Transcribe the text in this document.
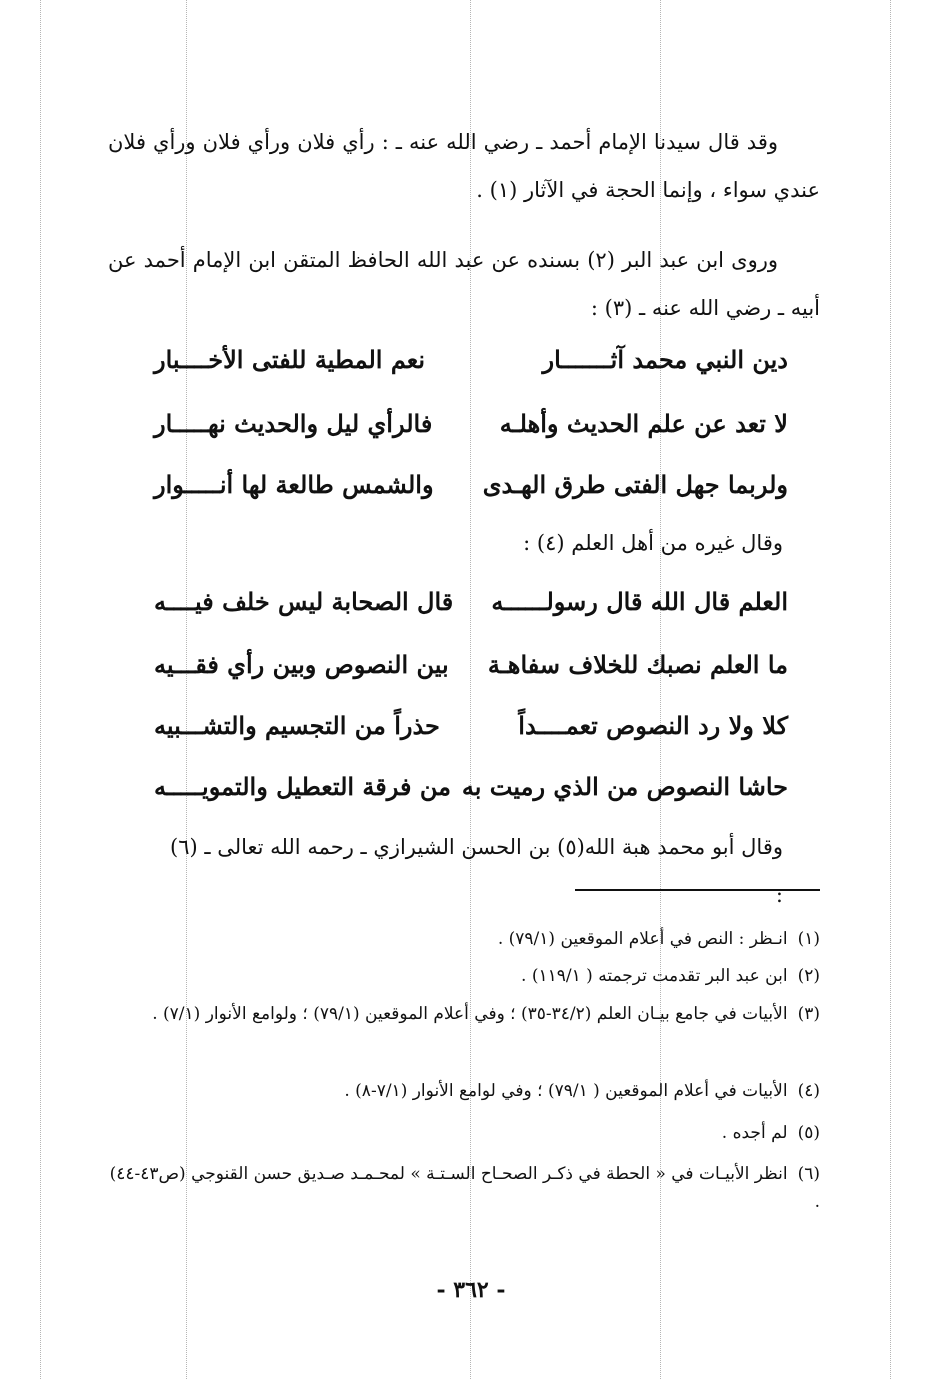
وقد قال سيدنا الإمام أحمد ـ رضي الله عنه ـ : رأي فلان ورأي فلان ورأي فلان عندي سواء ، وإنما الحجة في الآثار (١) .

وروى ابن عبد البر (٢) بسنده عن عبد الله الحافظ المتقن ابن الإمام أحمد عن أبيه ـ رضي الله عنه ـ (٣) :

دين النبي محمد آثـــــــار
نعم المطية للفتى الأخــــبار
لا تعد عن علم الحديث وأهلـه
فالرأي ليل والحديث نهـــــار
ولربما جهل الفتى طرق الهـدى
والشمس طالعة لها أنـــــوار

وقال غيره من أهل العلم (٤) :

العلم قال الله قال رسولــــــه
قال الصحابة ليس خلف فيــــه
ما العلم نصبك للخلاف سفاهـة
بين النصوص وبين رأي فقـــيه
كلا ولا رد النصوص تعمــــداً
حذراً من التجسيم والتشـــبيه
حاشا النصوص من الذي رميت به
من فرقة التعطيل والتمويـــــه

وقال أبو محمد هبة الله(٥) بن الحسن الشيرازي ـ رحمه الله تعالى ـ (٦) :

(١)انـظر : النص في أعلام الموقعين (٧٩/١) .
(٢)ابن عبد البر تقدمت ترجمته ( ١١٩/١) .
(٣)الأبيات في جامع بيـان العلم (٣٤/٢-٣٥) ؛ وفي أعلام الموقعين (٧٩/١) ؛ ولوامع الأنوار (٧/١) .
(٤)الأبيات في أعلام الموقعين ( ٧٩/١) ؛ وفي لوامع الأنوار (٧/١-٨) .
(٥)لم أجده .
(٦)انظر الأبيـات في « الحطة في ذكـر الصحـاح السـتـة » لمحـمـد صـديق حسن القنوجي (ص٤٣-٤٤) .
- ٣٦٢ -
